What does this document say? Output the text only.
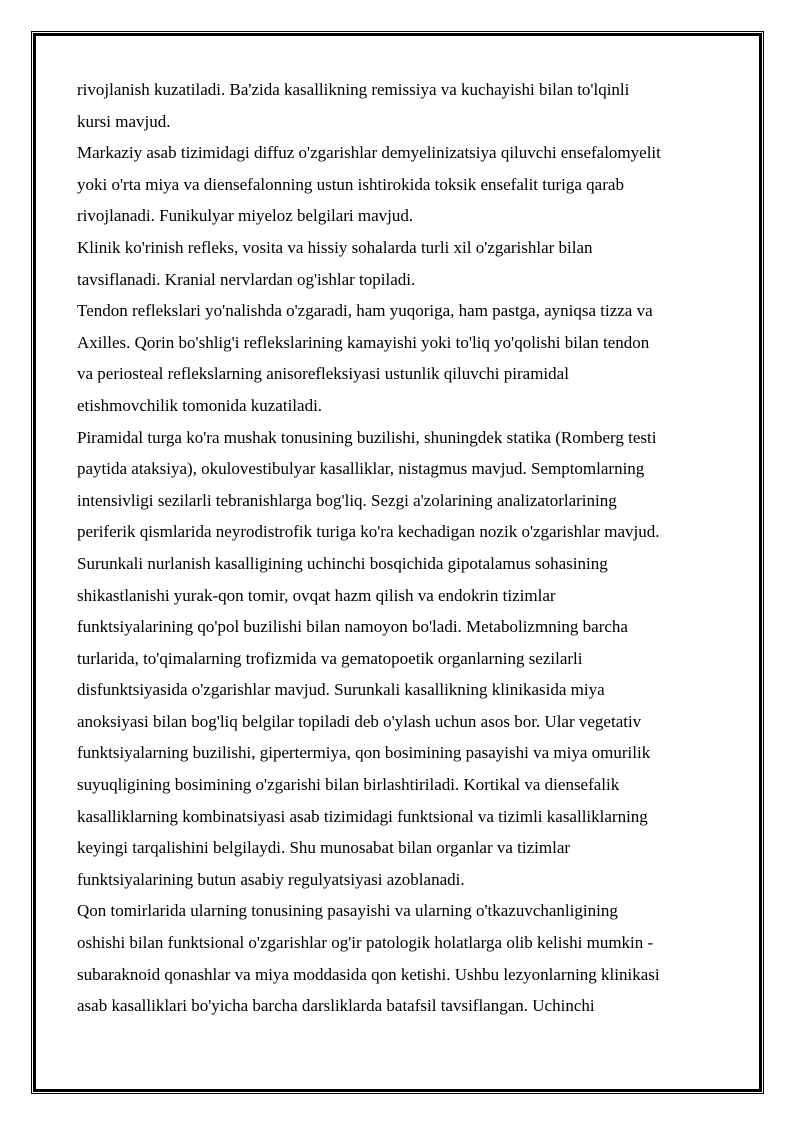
rivojlanish kuzatiladi. Ba'zida kasallikning remissiya va kuchayishi bilan to'lqinli
kursi mavjud.
Markaziy asab tizimidagi diffuz o'zgarishlar demyelinizatsiya qiluvchi ensefalomyelit
yoki o'rta miya va diensefalonning ustun ishtirokida toksik ensefalit turiga qarab
rivojlanadi. Funikulyar miyeloz belgilari mavjud.
Klinik ko'rinish refleks, vosita va hissiy sohalarda turli xil o'zgarishlar bilan
tavsiflanadi. Kranial nervlardan og'ishlar topiladi.
Tendon reflekslari yo'nalishda o'zgaradi, ham yuqoriga, ham pastga, ayniqsa tizza va
Axilles. Qorin bo'shlig'i reflekslarining kamayishi yoki to'liq yo'qolishi bilan tendon
va periosteal reflekslarning anisorefleksiyasi ustunlik qiluvchi piramidal
etishmovchilik tomonida kuzatiladi.
Piramidal turga ko'ra mushak tonusining buzilishi, shuningdek statika (Romberg testi
paytida ataksiya), okulovestibulyar kasalliklar, nistagmus mavjud. Semptomlarning
intensivligi sezilarli tebranishlarga bog'liq. Sezgi a'zolarining analizatorlarining
periferik qismlarida neyrodistrofik turiga ko'ra kechadigan nozik o'zgarishlar mavjud.
Surunkali nurlanish kasalligining uchinchi bosqichida gipotalamus sohasining
shikastlanishi yurak-qon tomir, ovqat hazm qilish va endokrin tizimlar
funktsiyalarining qo'pol buzilishi bilan namoyon bo'ladi. Metabolizmning barcha
turlarida, to'qimalarning trofizmida va gematopoetik organlarning sezilarli
disfunktsiyasida o'zgarishlar mavjud. Surunkali kasallikning klinikasida miya
anoksiyasi bilan bog'liq belgilar topiladi deb o'ylash uchun asos bor. Ular vegetativ
funktsiyalarning buzilishi, gipertermiya, qon bosimining pasayishi va miya omurilik
suyuqligining bosimining o'zgarishi bilan birlashtiriladi. Kortikal va diensefalik
kasalliklarning kombinatsiyasi asab tizimidagi funktsional va tizimli kasalliklarning
keyingi tarqalishini belgilaydi. Shu munosabat bilan organlar va tizimlar
funktsiyalarining butun asabiy regulyatsiyasi azoblanadi.
Qon tomirlarida ularning tonusining pasayishi va ularning o'tkazuvchanligining
oshishi bilan funktsional o'zgarishlar og'ir patologik holatlarga olib kelishi mumkin -
subaraknoid qonashlar va miya moddasida qon ketishi. Ushbu lezyonlarning klinikasi
asab kasalliklari bo'yicha barcha darsliklarda batafsil tavsiflangan. Uchinchi
